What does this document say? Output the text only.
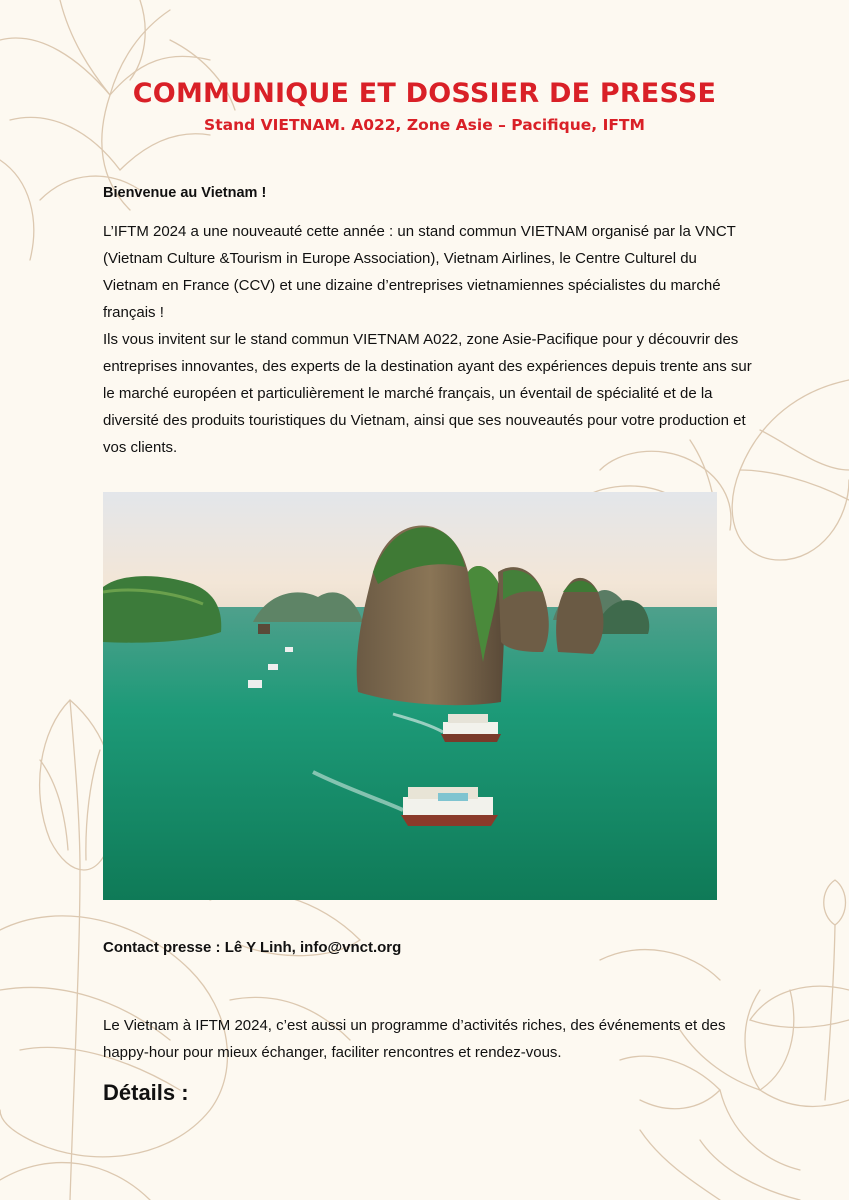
COMMUNIQUE ET DOSSIER DE PRESSE
Stand VIETNAM. A022, Zone Asie – Pacifique, IFTM
Bienvenue au Vietnam !

L’IFTM 2024 a une nouveauté cette année : un stand commun VIETNAM organisé par la VNCT (Vietnam Culture &Tourism in Europe Association), Vietnam Airlines, le Centre Culturel du Vietnam en France (CCV) et une dizaine d’entreprises vietnamiennes spécialistes du marché français !

Ils vous invitent sur le stand commun VIETNAM A022, zone Asie-Pacifique pour y découvrir des entreprises innovantes, des experts de la destination ayant des expériences depuis trente ans sur le marché européen et particulièrement le marché français, un éventail de spécialité et de la diversité des produits touristiques du Vietnam, ainsi que ses nouveautés pour votre production et vos clients.

Contact presse : Lê Y Linh, info@vnct.org

Le Vietnam à IFTM 2024, c’est aussi un programme d’activités riches, des événements et des happy-hour pour mieux échanger, faciliter rencontres et rendez-vous.

Détails :
